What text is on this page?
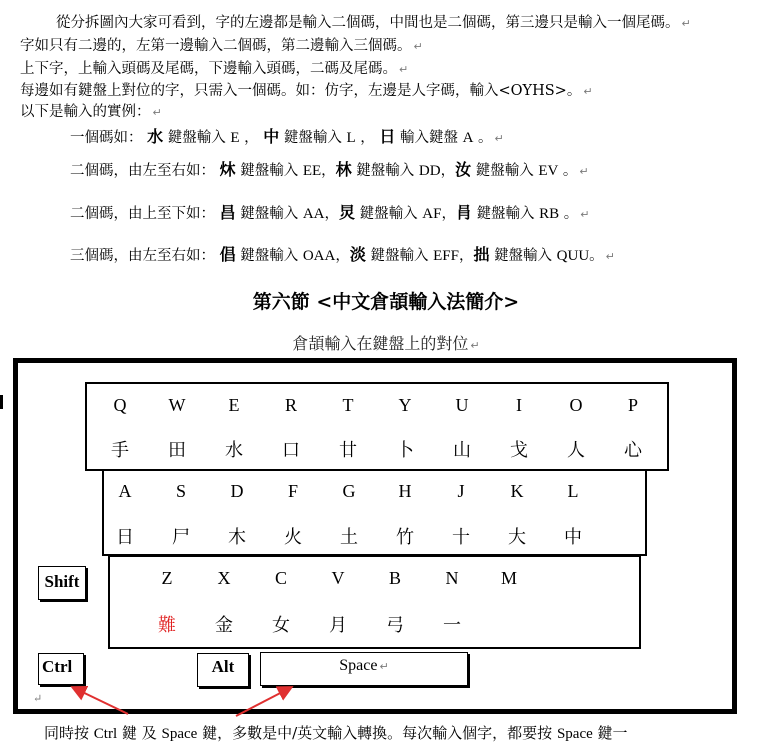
從分拆圖內大家可看到，字的左邊都是輸入二個碼，中間也是二個碼，第三邊只是輸入一個尾碼。 ↵
字如只有二邊的，左第一邊輸入二個碼，第二邊輸入三個碼。 ↵
上下字，上輸入頭碼及尾碼，下邊輸入頭碼，二碼及尾碼。 ↵
每邊如有鍵盤上對位的字，只需入一個碼。如：仿字，左邊是人字碼，輸入<OYHS>。 ↵
以下是輸入的實例： ↵
一個碼如： 水 鍵盤輸入 E ， 中 鍵盤輸入 L ， 日 輸入鍵盤 A 。 ↵
二個碼，由左至右如： 炑 鍵盤輸入 EE，林 鍵盤輸入 DD，汝 鍵盤輸入 EV 。 ↵
二個碼，由上至下如： 昌 鍵盤輸入 AA，炅 鍵盤輸入 AF，肙 鍵盤輸入 RB 。 ↵
三個碼，由左至右如： 倡 鍵盤輸入 OAA，淡 鍵盤輸入 EFF，拙 鍵盤輸入 QUU。 ↵
第六節 <中文倉頡輸入法簡介>
倉頡輸入在鍵盤上的對位 ↵
Q
手
W
田
E
水
R
口
T
廿
Y
卜
U
山
I
戈
O
人
P
心
A
日
S
尸
D
木
F
火
G
土
H
竹
J
十
K
大
L
中
Z
難
X
金
C
女
V
月
B
弓
N
一
M
Shift
Ctrl	Alt	Space ↵
↵
同時按 Ctrl 鍵 及 Space 鍵，多數是中/英文輸入轉換。每次輸入個字，都要按 Space 鍵一
